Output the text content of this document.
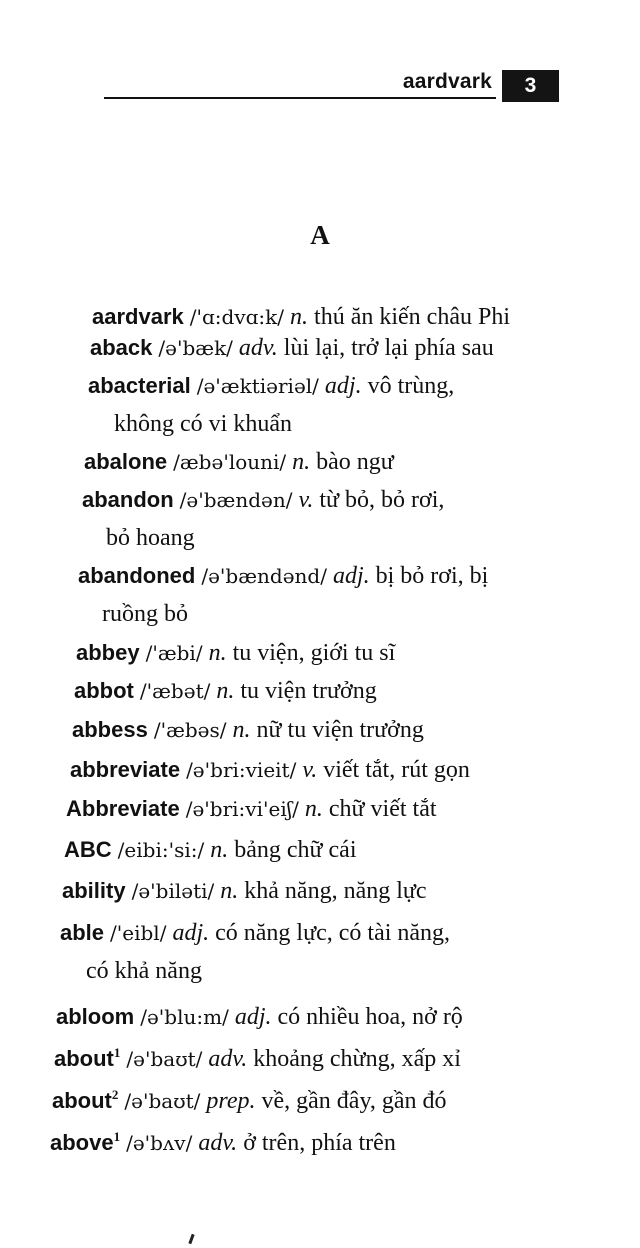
aardvark	3
A
aardvark /'ɑ:dvɑ:k/ n. thú ăn kiến châu Phi
aback /ə'bæk/ adv. lùi lại, trở lại phía sau
abacterial /ə'æktiəriəl/ adj. vô trùng,
không có vi khuẩn
abalone /æbə'louni/ n. bào ngư
abandon /ə'bændən/ v. từ bỏ, bỏ rơi,
bỏ hoang
abandoned /ə'bændənd/ adj. bị bỏ rơi, bị
ruồng bỏ
abbey /'æbi/ n. tu viện, giới tu sĩ
abbot /'æbət/ n. tu viện trưởng
abbess /'æbəs/ n. nữ tu viện trưởng
abbreviate /ə'bri:vieit/ v. viết tắt, rút gọn
Abbreviate /ə'bri:vi'eiʃ/ n. chữ viết tắt
ABC /eibi:'si:/ n. bảng chữ cái
ability /ə'biləti/ n. khả năng, năng lực
able /'eibl/ adj. có năng lực, có tài năng,
có khả năng
abloom /ə'blu:m/ adj. có nhiều hoa, nở rộ
about$^1$ /ə'baʊt/ adv. khoảng chừng, xấp xỉ
about$^2$ /ə'baʊt/ prep. về, gần đây, gần đó
above$^1$ /ə'bʌv/ adv. ở trên, phía trên
